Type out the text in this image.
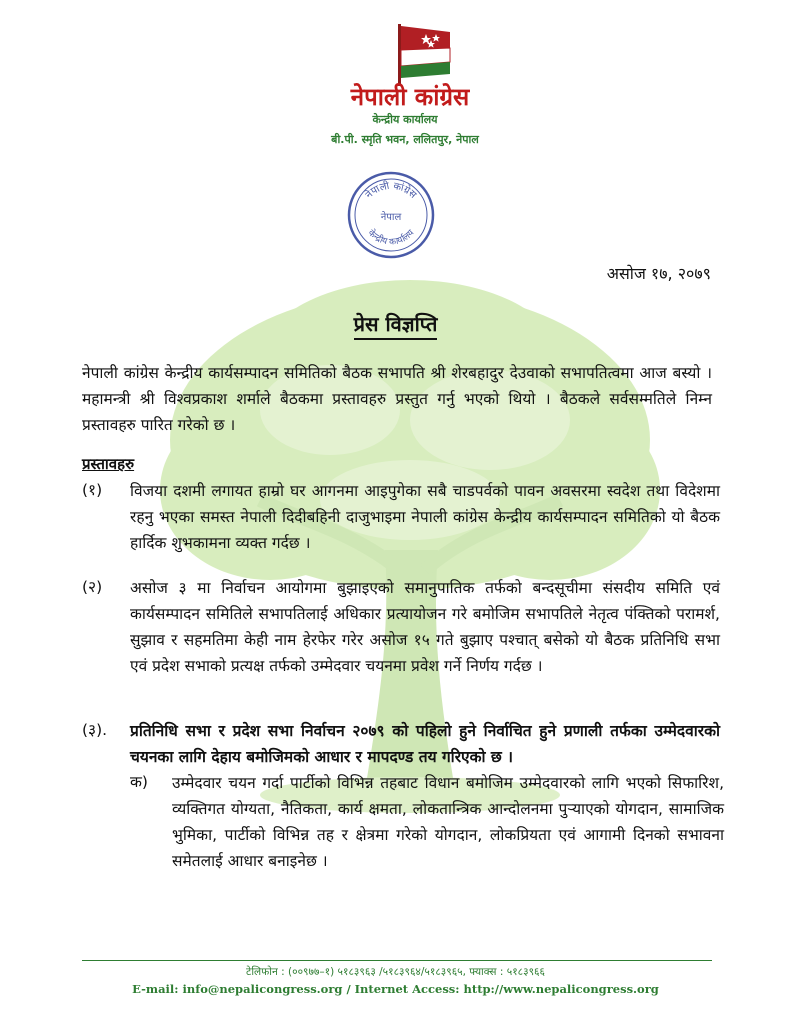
नेपाली कांग्रेस
केन्द्रीय कार्यालय
बी.पी. स्मृति भवन, ललितपुर, नेपाल
नेपाली कांग्रेस
नेपाल
केन्द्रीय कार्यालय
असोज १७, २०७९
प्रेस विज्ञप्ति

नेपाली कांग्रेस केन्द्रीय कार्यसम्पादन समितिको बैठक सभापति श्री शेरबहादुर देउवाको सभापतित्वमा आज बस्यो । महामन्त्री श्री विश्वप्रकाश शर्माले बैठकमा प्रस्तावहरु प्रस्तुत गर्नु भएको थियो । बैठकले सर्वसम्मतिले निम्न प्रस्तावहरु पारित गरेको छ ।

प्रस्तावहरु
(१) विजया दशमी लगायत हाम्रो घर आगनमा आइपुगेका सबै चाडपर्वको पावन अवसरमा स्वदेश तथा विदेशमा रहनु भएका समस्त नेपाली दिदीबहिनी दाजुभाइमा नेपाली कांग्रेस केन्द्रीय कार्यसम्पादन समितिको यो बैठक हार्दिक शुभकामना व्यक्त गर्दछ ।

(२) असोज ३ मा निर्वाचन आयोगमा बुझाइएको समानुपातिक तर्फको बन्दसूचीमा संसदीय समिति एवं कार्यसम्पादन समितिले सभापतिलाई अधिकार प्रत्यायोजन गरे बमोजिम सभापतिले नेतृत्व पंक्तिको परामर्श, सुझाव र सहमतिमा केही नाम हेरफेर गरेर असोज १५ गते बुझाए पश्चात् बसेको यो बैठक प्रतिनिधि सभा एवं प्रदेश सभाको प्रत्यक्ष तर्फको उम्मेदवार चयनमा प्रवेश गर्ने निर्णय गर्दछ ।

(३). प्रतिनिधि सभा र प्रदेश सभा निर्वाचन २०७९ को पहिलो हुने निर्वाचित हुने प्रणाली तर्फका उम्मेदवारको चयनका लागि देहाय बमोजिमको आधार र मापदण्ड तय गरिएको छ ।

क) उम्मेदवार चयन गर्दा पार्टीको विभिन्न तहबाट विधान बमोजिम उम्मेदवारको लागि भएको सिफारिश, व्यक्तिगत योग्यता, नैतिकता, कार्य क्षमता, लोकतान्त्रिक आन्दोलनमा पुऱ्याएको योगदान, सामाजिक भुमिका, पार्टीको विभिन्न तह र क्षेत्रमा गरेको योगदान, लोकप्रियता एवं आगामी दिनको सभावना समेतलाई आधार बनाइनेछ ।

टेलिफोन : (००९७७–१) ५१८३९६३ /५१८३९६४/५१८३९६५, फ्याक्स : ५१८३९६६
E-mail: info@nepalicongress.org / Internet Access: http://www.nepalicongress.org
